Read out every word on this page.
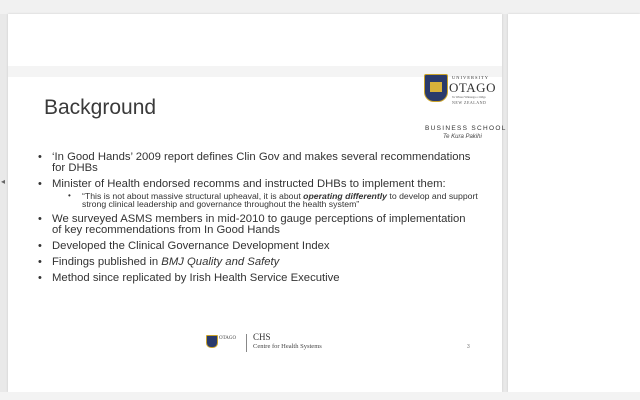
◂
Background
UNIVERSITY
OTAGO
Te Whare Wānanga o Otāgo
NEW ZEALAND
BUSINESS SCHOOL
Te Kura Pakihi
• ‘In Good Hands’ 2009 report defines Clin Gov and makes several recommendations for DHBs
• Minister of Health endorsed recomms and instructed DHBs to implement them:
• “This is not about massive structural upheaval, it is about operating differently to develop and support strong clinical leadership and governance throughout the health system”
• We surveyed ASMS members in mid-2010 to gauge perceptions of implementation of key recommendations from In Good Hands
• Developed the Clinical Governance Development Index
• Findings published in BMJ Quality and Safety
• Method since replicated by Irish Health Service Executive
OTAGO CHS
Centre for Health Systems	3
